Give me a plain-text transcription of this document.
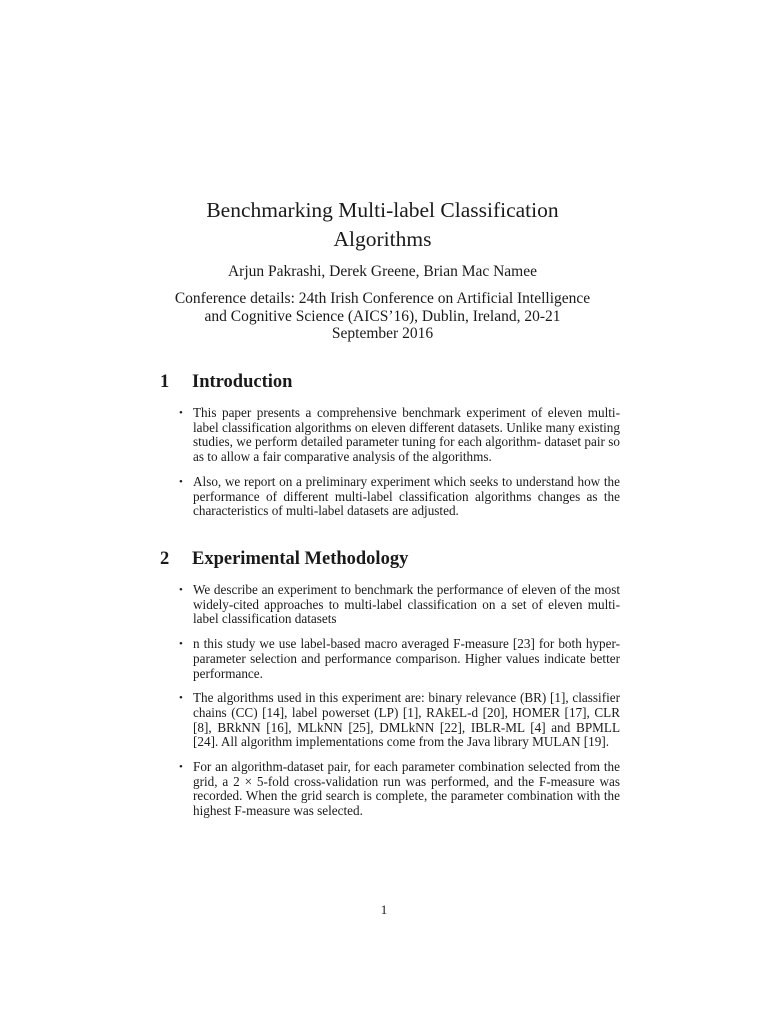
Benchmarking Multi-label Classification
Algorithms
Arjun Pakrashi, Derek Greene, Brian Mac Namee
Conference details: 24th Irish Conference on Artificial Intelligence
and Cognitive Science (AICS’16), Dublin, Ireland, 20-21
September 2016
1	Introduction
• This paper presents a comprehensive benchmark experiment of eleven multi-label classification algorithms on eleven different datasets. Unlike many existing studies, we perform detailed parameter tuning for each algorithm- dataset pair so as to allow a fair comparative analysis of the algorithms.
• Also, we report on a preliminary experiment which seeks to understand how the performance of different multi-label classification algorithms changes as the characteristics of multi-label datasets are adjusted.
2	Experimental Methodology
• We describe an experiment to benchmark the performance of eleven of the most widely-cited approaches to multi-label classification on a set of eleven multi- label classification datasets
• n this study we use label-based macro averaged F-measure [23] for both hyper-parameter selection and performance comparison. Higher values indicate better performance.
• The algorithms used in this experiment are: binary relevance (BR) [1], classifier chains (CC) [14], label powerset (LP) [1], RAkEL-d [20], HOMER [17], CLR [8], BRkNN [16], MLkNN [25], DMLkNN [22], IBLR-ML [4] and BPMLL [24]. All algorithm implementations come from the Java library MULAN [19].
• For an algorithm-dataset pair, for each parameter combination selected from the grid, a 2 × 5-fold cross-validation run was performed, and the F-measure was recorded. When the grid search is complete, the parameter combination with the highest F-measure was selected.
1
